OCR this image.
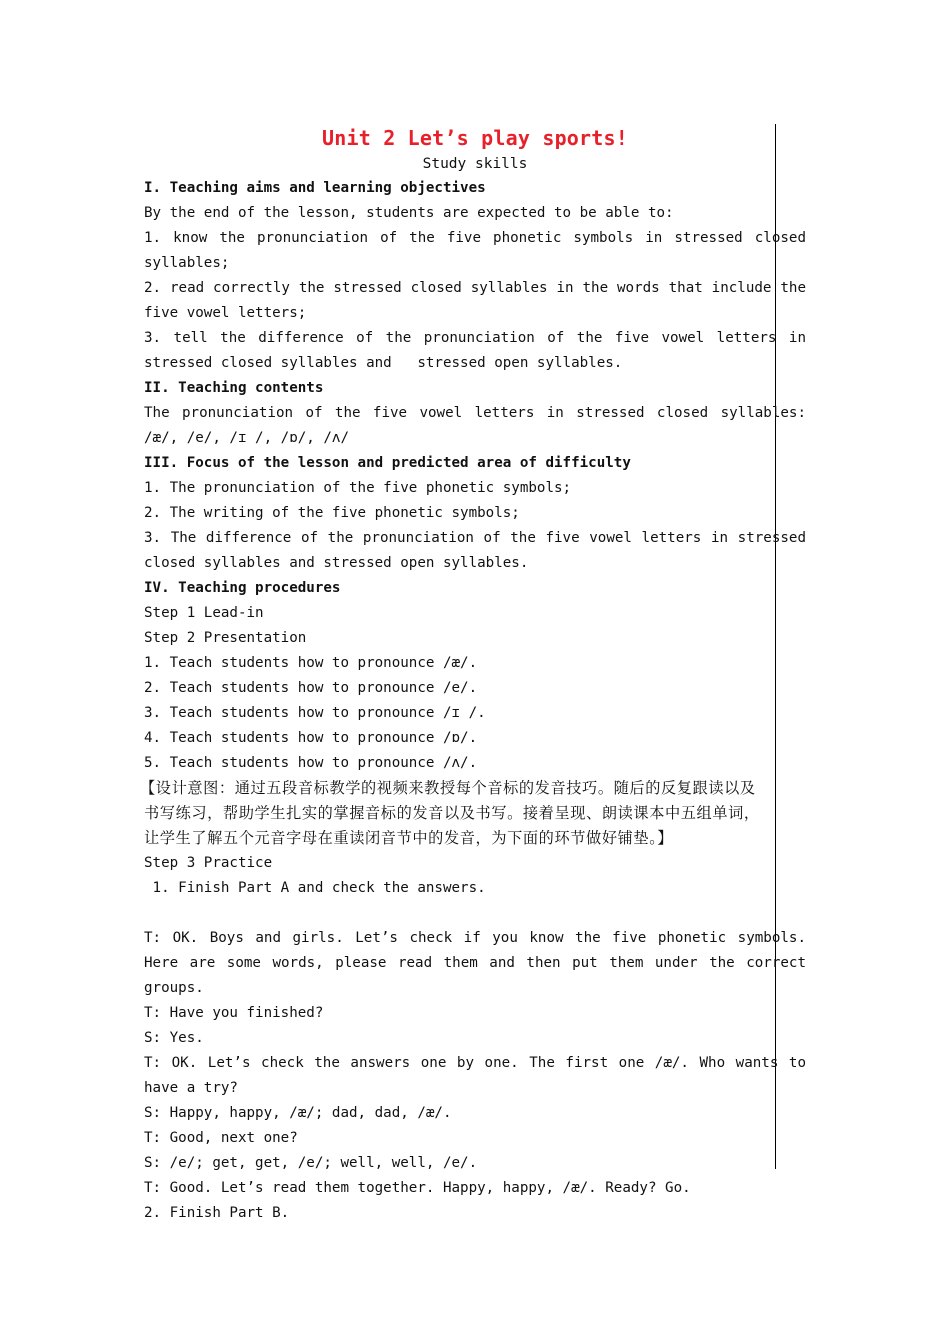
Unit 2 Let’s play sports!
Study skills
I. Teaching aims and learning objectives
By the end of the lesson, students are expected to be able to:
1. know the pronunciation of the five phonetic symbols in stressed closed
syllables;
2. read correctly the stressed closed syllables in the words that include the
five vowel letters;
3. tell the difference of the pronunciation of the five vowel letters in
stressed closed syllables and   stressed open syllables.
II. Teaching contents
The pronunciation of the five vowel letters in stressed closed syllables:
/æ/, /e/, /ɪ /, /ɒ/, /ʌ/
III. Focus of the lesson and predicted area of difficulty
1. The pronunciation of the five phonetic symbols;
2. The writing of the five phonetic symbols;
3. The difference of the pronunciation of the five vowel letters in stressed
closed syllables and stressed open syllables.
IV. Teaching procedures
Step 1 Lead-in
Step 2 Presentation
1. Teach students how to pronounce /æ/.
2. Teach students how to pronounce /e/.
3. Teach students how to pronounce /ɪ /.
4. Teach students how to pronounce /ɒ/.
5. Teach students how to pronounce /ʌ/.
【设计意图：通过五段音标教学的视频来教授每个音标的发音技巧。随后的反复跟读以及
书写练习，帮助学生扎实的掌握音标的发音以及书写。接着呈现、朗读课本中五组单词，
让学生了解五个元音字母在重读闭音节中的发音，为下面的环节做好铺垫。】
Step 3 Practice
1. Finish Part A and check the answers.
T: OK. Boys and girls. Let’s check if you know the five phonetic symbols.
Here are some words, please read them and then put them under the correct
groups.
T: Have you finished?
S: Yes.
T: OK. Let’s check the answers one by one. The first one /æ/. Who wants to
have a try?
S: Happy, happy, /æ/; dad, dad, /æ/.
T: Good, next one?
S: /e/; get, get, /e/; well, well, /e/.
T: Good. Let’s read them together. Happy, happy, /æ/. Ready? Go.
2. Finish Part B.
